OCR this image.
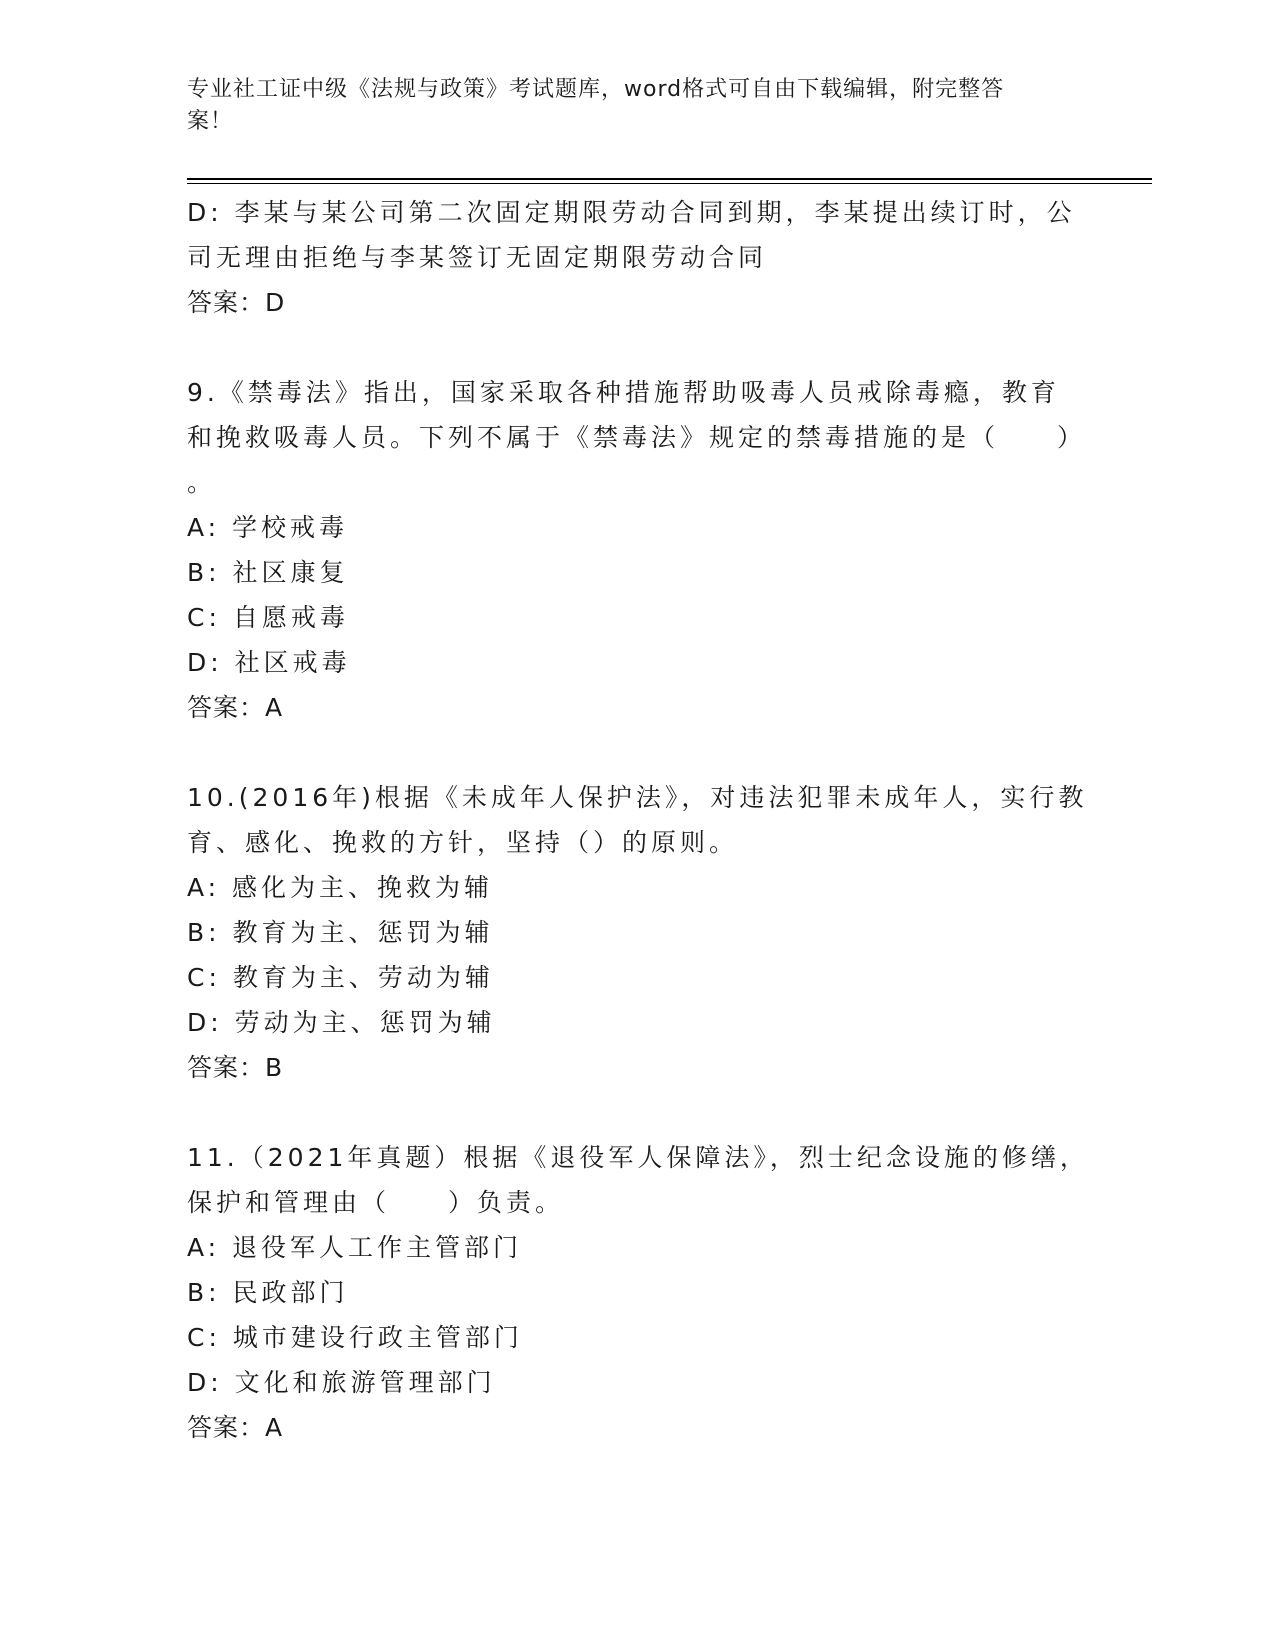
专业社工证中级《法规与政策》考试题库，word格式可自由下载编辑，附完整答
案！
D: 李某与某公司第二次固定期限劳动合同到期，李某提出续订时，公
司无理由拒绝与李某签订无固定期限劳动合同
答案：D
9.《禁毒法》指出，国家采取各种措施帮助吸毒人员戒除毒瘾，教育
和挽救吸毒人员。下列不属于《禁毒法》规定的禁毒措施的是（　　）
。
A: 学校戒毒
B: 社区康复
C: 自愿戒毒
D: 社区戒毒
答案：A
10.(2016年)根据《未成年人保护法》，对违法犯罪未成年人，实行教
育、感化、挽救的方针，坚持（）的原则。
A: 感化为主、挽救为辅
B: 教育为主、惩罚为辅
C: 教育为主、劳动为辅
D: 劳动为主、惩罚为辅
答案：B
11.（2021年真题）根据《退役军人保障法》，烈士纪念设施的修缮，
保护和管理由（　　）负责。
A: 退役军人工作主管部门
B: 民政部门
C: 城市建设行政主管部门
D: 文化和旅游管理部门
答案：A
